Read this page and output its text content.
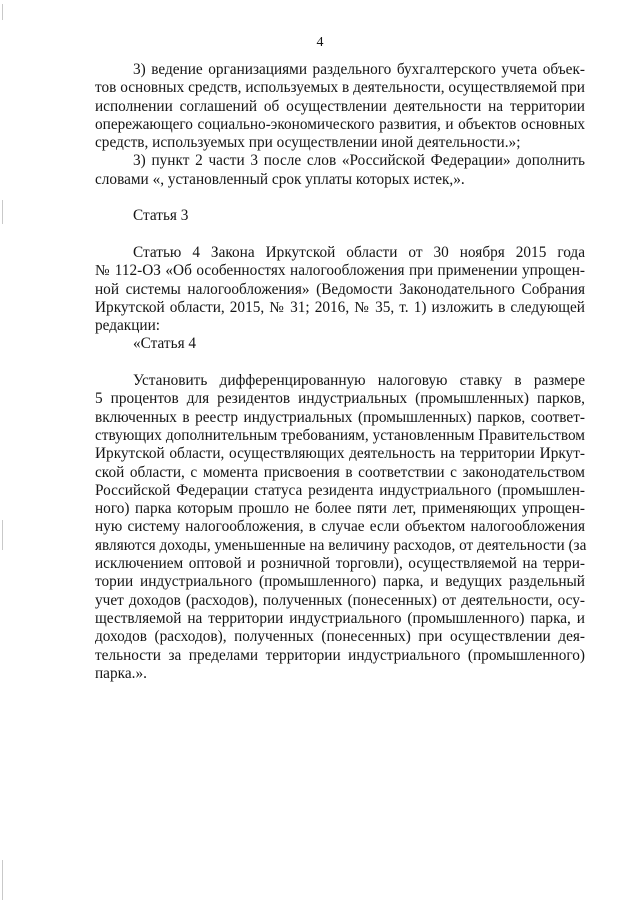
4
3) ведение организациями раздельного бухгалтерского учета объек-
тов основных средств, используемых в деятельности, осуществляемой при
исполнении соглашений об осуществлении деятельности на территории
опережающего социально-экономического развития, и объектов основных
средств, используемых при осуществлении иной деятельности.»;
3) пункт 2 части 3 после слов «Российской Федерации» дополнить
словами «, установленный срок уплаты которых истек,».
Статья 3
Статью 4 Закона Иркутской области от 30 ноября 2015 года
№ 112-ОЗ «Об особенностях налогообложения при применении упрощен-
ной системы налогообложения» (Ведомости Законодательного Собрания
Иркутской области, 2015, № 31; 2016, № 35, т. 1) изложить в следующей
редакции:
«Статья 4
Установить дифференцированную налоговую ставку в размере
5 процентов для резидентов индустриальных (промышленных) парков,
включенных в реестр индустриальных (промышленных) парков, соответ-
ствующих дополнительным требованиям, установленным Правительством
Иркутской области, осуществляющих деятельность на территории Иркут-
ской области, с момента присвоения в соответствии с законодательством
Российской Федерации статуса резидента индустриального (промышлен-
ного) парка которым прошло не более пяти лет, применяющих упрощен-
ную систему налогообложения, в случае если объектом налогообложения
являются доходы, уменьшенные на величину расходов, от деятельности (за
исключением оптовой и розничной торговли), осуществляемой на терри-
тории индустриального (промышленного) парка, и ведущих раздельный
учет доходов (расходов), полученных (понесенных) от деятельности, осу-
ществляемой на территории индустриального (промышленного) парка, и
доходов (расходов), полученных (понесенных) при осуществлении дея-
тельности за пределами территории индустриального (промышленного)
парка.».
